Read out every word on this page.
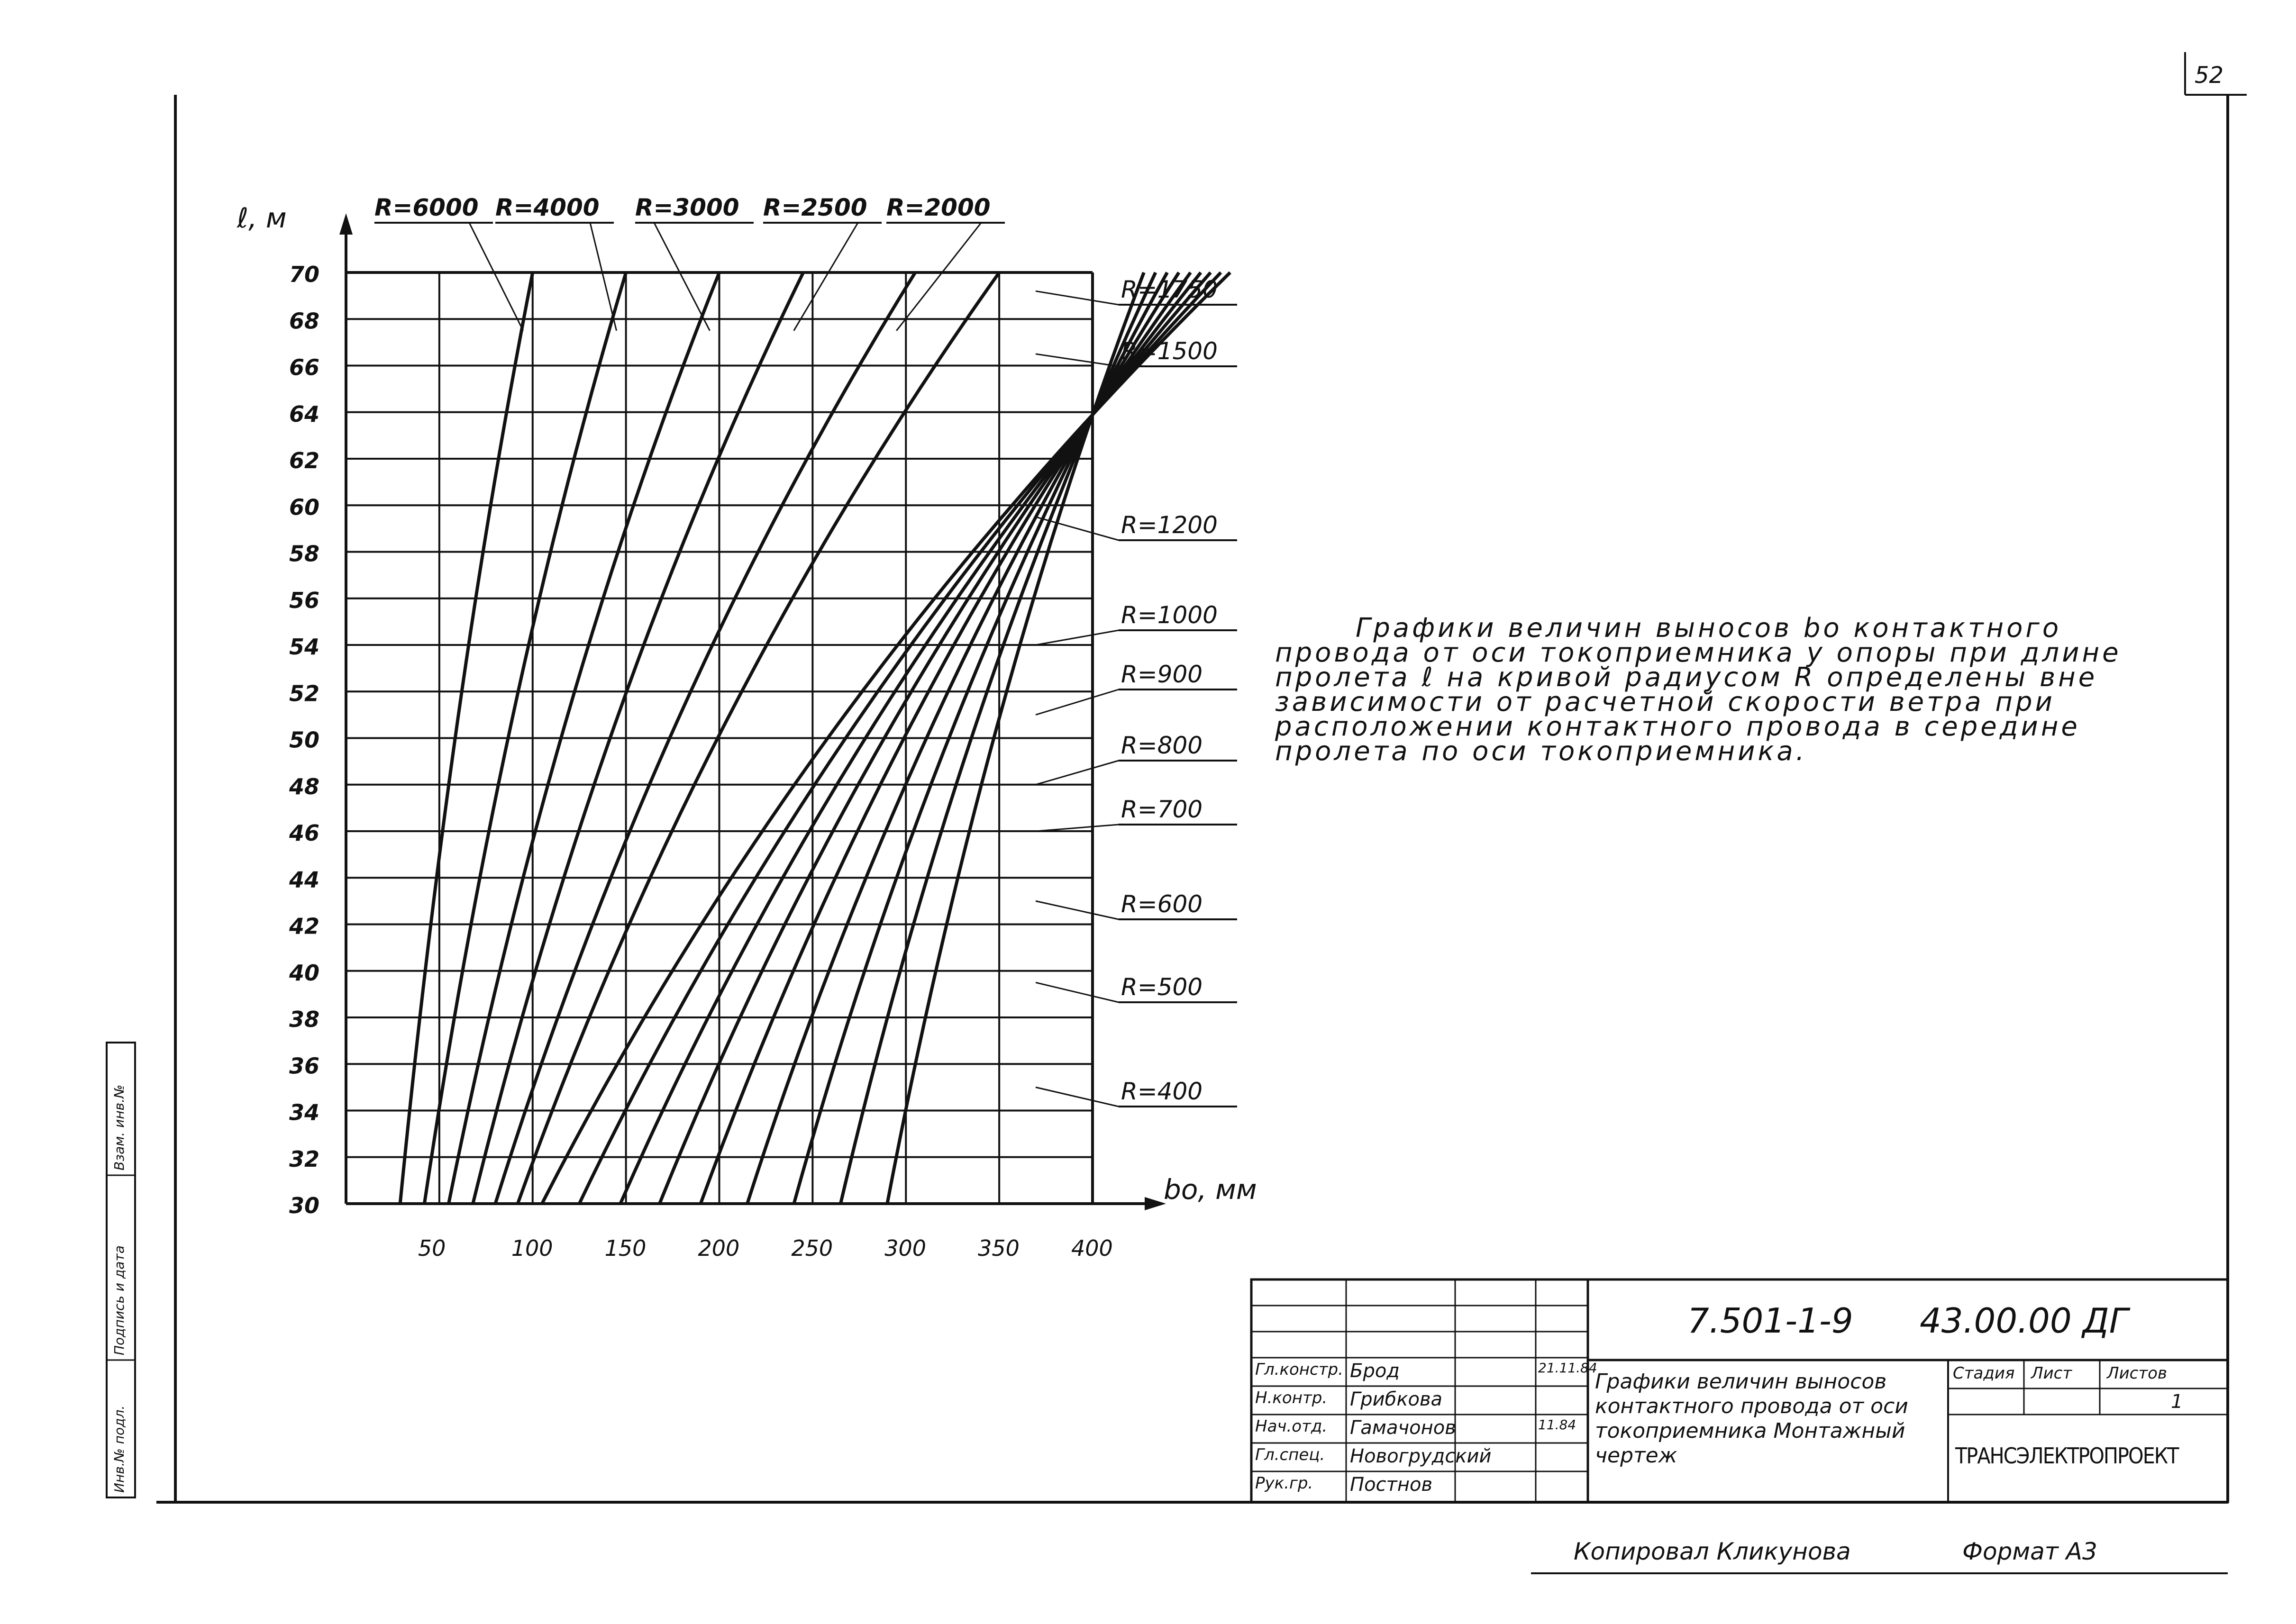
52
30
32
34
36
38
40
42
44
46
48
50
52
54
56
58
60
62
64
66
68
70
50	100 150 200 250 300 350 400
ℓ, м
bо, мм
R=6000 R=4000 R=3000 R=2500 R=2000
R=1750
R=1500
R=1200
R=1000
R=900
R=800
R=700
R=600
R=500
R=400

Графики величин выносов bо контактного провода от оси токоприемника у опоры при длине пролета ℓ на кривой радиусом R определены вне зависимости от расчетной скорости ветра при расположении контактного провода в середине пролета по оси токоприемника.

7.501-1-9 43.00.00 ДГ
Графики величин выносов контактного провода от оси токоприемника Монтажный чертеж
Стадия Лист Листов
1
ТРАНСЭЛЕКТРОПРОЕКТ
Гл.констр. Брод	21.11.84
Н.контр. Грибкова
Нач.отд. Гамачонов	11.84
Гл.спец. Новогрудский
Рук.гр. Постнов
Инв.№ подл.
Подпись и дата
Взам. инв.№
Копировал Кликунова	Формат А3
